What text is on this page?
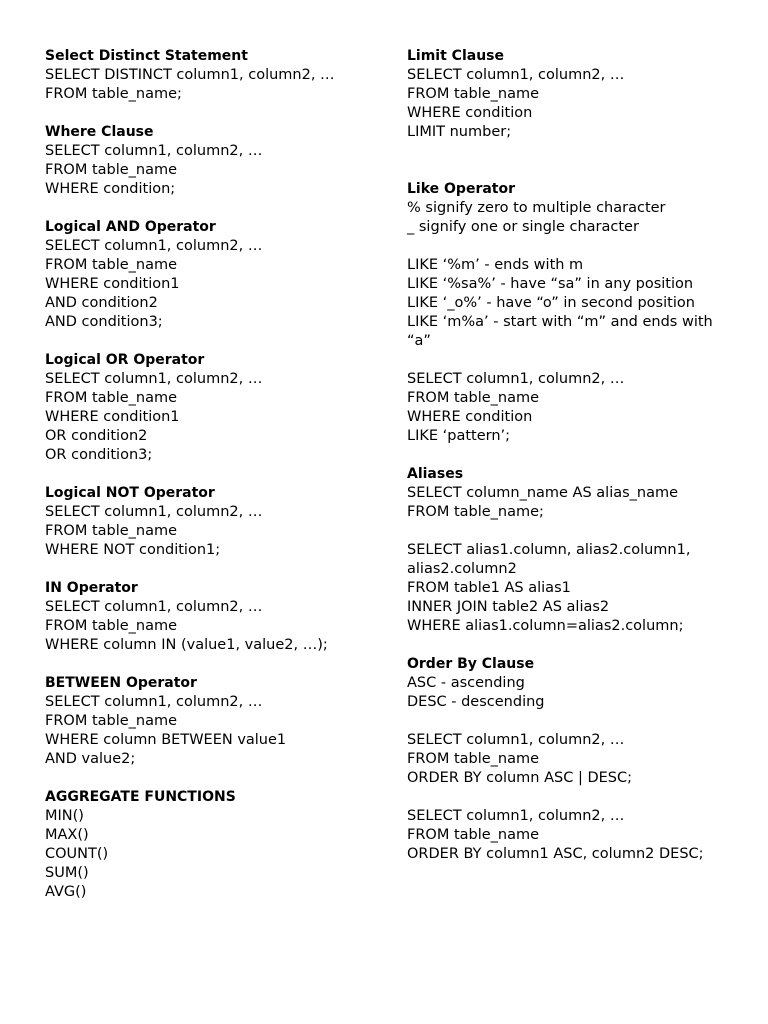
Select Distinct Statement
SELECT DISTINCT column1, column2, …
FROM table_name;
Where Clause
SELECT column1, column2, …
FROM table_name
WHERE condition;
Logical AND Operator
SELECT column1, column2, …
FROM table_name
WHERE condition1
AND condition2
AND condition3;
Logical OR Operator
SELECT column1, column2, …
FROM table_name
WHERE condition1
OR condition2
OR condition3;
Logical NOT Operator
SELECT column1, column2, …
FROM table_name
WHERE NOT condition1;
IN Operator
SELECT column1, column2, …
FROM table_name
WHERE column IN (value1, value2, …);
BETWEEN Operator
SELECT column1, column2, …
FROM table_name
WHERE column BETWEEN value1
AND value2;
AGGREGATE FUNCTIONS
MIN()
MAX()
COUNT()
SUM()
AVG()
Limit Clause
SELECT column1, column2, …
FROM table_name
WHERE condition
LIMIT number;
Like Operator
% signify zero to multiple character
_ signify one or single character
LIKE ‘%m’ - ends with m
LIKE ‘%sa%’ - have “sa” in any position
LIKE ‘_o%’ - have “o” in second position
LIKE ‘m%a’ - start with “m” and ends with
“a”
SELECT column1, column2, …
FROM table_name
WHERE condition
LIKE ‘pattern’;
Aliases
SELECT column_name AS alias_name
FROM table_name;
SELECT alias1.column, alias2.column1,
alias2.column2
FROM table1 AS alias1
INNER JOIN table2 AS alias2
WHERE alias1.column=alias2.column;
Order By Clause
ASC - ascending
DESC - descending
SELECT column1, column2, …
FROM table_name
ORDER BY column ASC | DESC;
SELECT column1, column2, …
FROM table_name
ORDER BY column1 ASC, column2 DESC;
